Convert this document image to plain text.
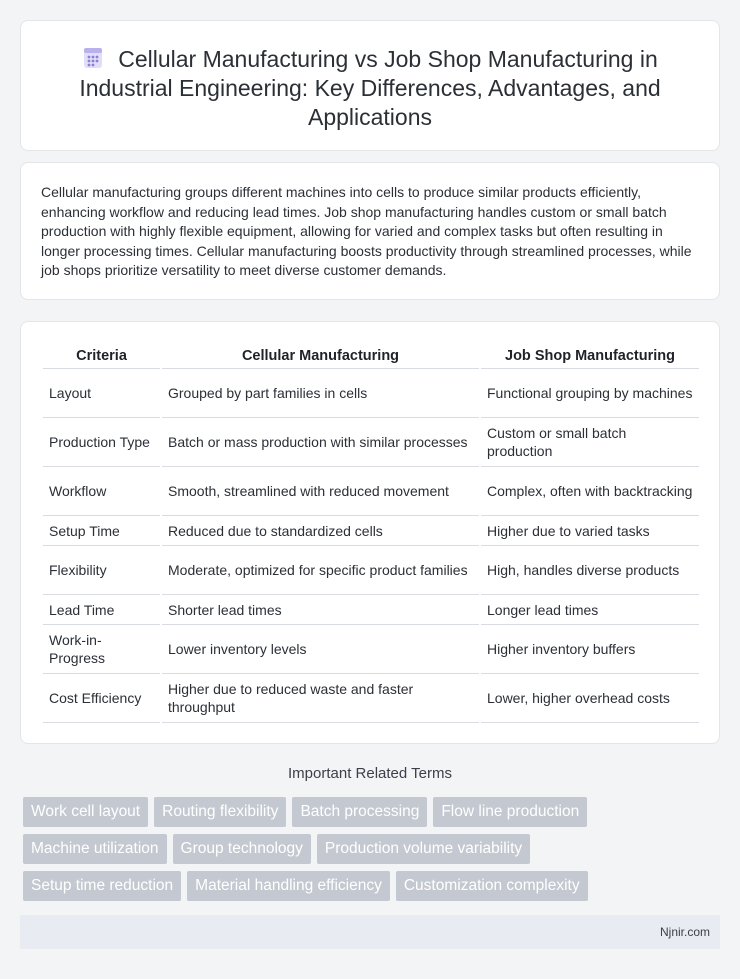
Cellular Manufacturing vs Job Shop Manufacturing in Industrial Engineering: Key Differences, Advantages, and Applications

Cellular manufacturing groups different machines into cells to produce similar products efficiently, enhancing workflow and reducing lead times. Job shop manufacturing handles custom or small batch production with highly flexible equipment, allowing for varied and complex tasks but often resulting in longer processing times. Cellular manufacturing boosts productivity through streamlined processes, while job shops prioritize versatility to meet diverse customer demands.

Criteria	Cellular Manufacturing	Job Shop Manufacturing
Layout	Grouped by part families in cells	Functional grouping by machines
Production Type	Batch or mass production with similar processes	Custom or small batch production
Workflow	Smooth, streamlined with reduced movement	Complex, often with backtracking
Setup Time	Reduced due to standardized cells	Higher due to varied tasks
Flexibility	Moderate, optimized for specific product families	High, handles diverse products
Lead Time	Shorter lead times	Longer lead times
Work-in-Progress	Lower inventory levels	Higher inventory buffers
Cost Efficiency	Higher due to reduced waste and faster throughput	Lower, higher overhead costs
Important Related Terms
Work cell layout	Routing flexibility	Batch processing	Flow line production
Machine utilization	Group technology	Production volume variability
Setup time reduction	Material handling efficiency	Customization complexity
Njnir.com
